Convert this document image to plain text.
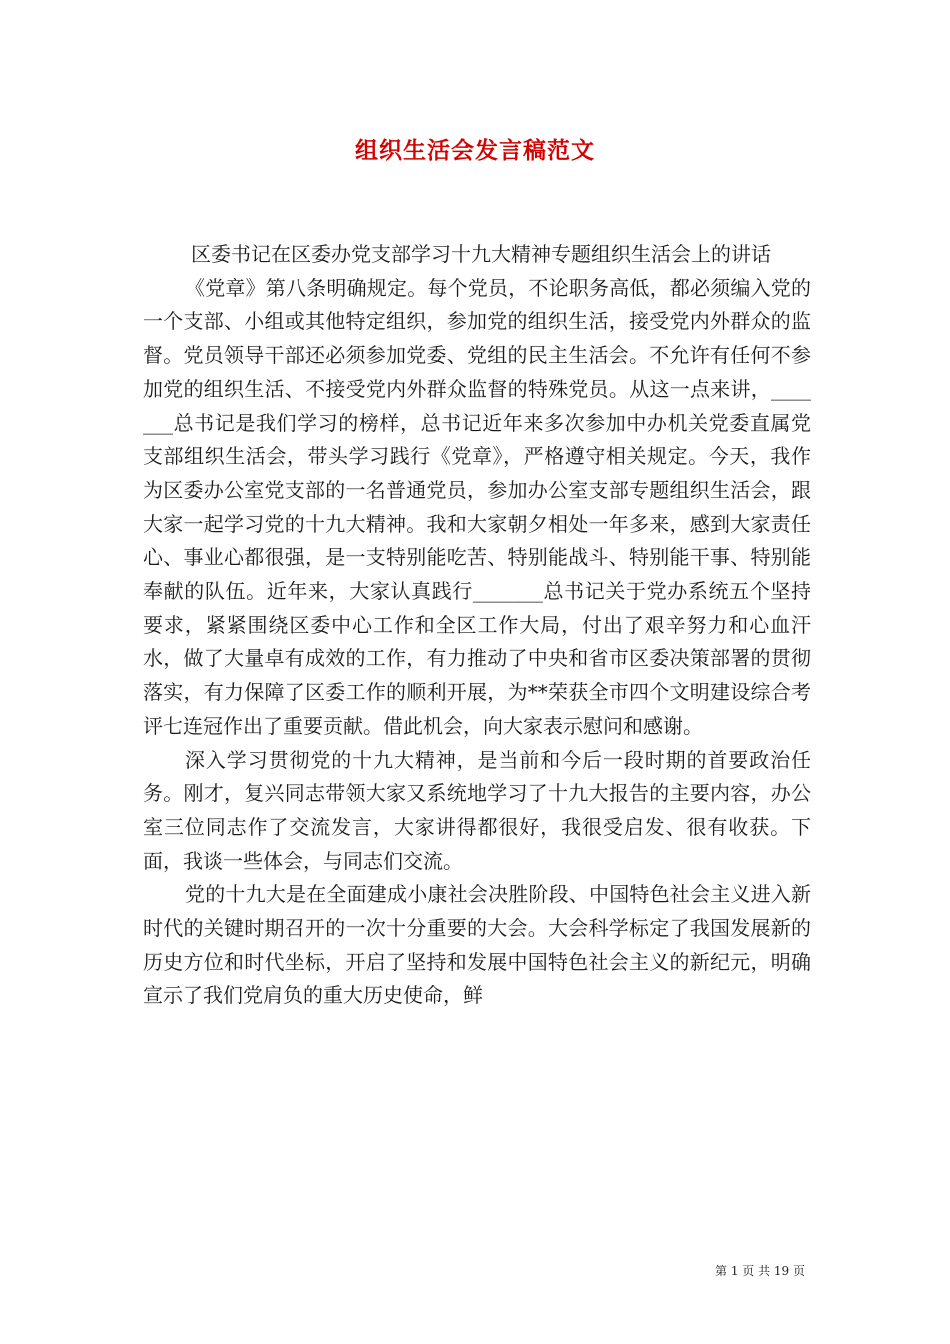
组织生活会发言稿范文

区委书记在区委办党支部学习十九大精神专题组织生活会上的讲话

《党章》第八条明确规定。每个党员，不论职务高低，都必须编入党的一个支部、小组或其他特定组织，参加党的组织生活，接受党内外群众的监督。党员领导干部还必须参加党委、党组的民主生活会。不允许有任何不参加党的组织生活、不接受党内外群众监督的特殊党员。从这一点来讲，_______总书记是我们学习的榜样，总书记近年来多次参加中办机关党委直属党支部组织生活会，带头学习践行《党章》，严格遵守相关规定。今天，我作为区委办公室党支部的一名普通党员，参加办公室支部专题组织生活会，跟大家一起学习党的十九大精神。我和大家朝夕相处一年多来，感到大家责任心、事业心都很强，是一支特别能吃苦、特别能战斗、特别能干事、特别能奉献的队伍。近年来，大家认真践行_______总书记关于党办系统五个坚持要求，紧紧围绕区委中心工作和全区工作大局，付出了艰辛努力和心血汗水，做了大量卓有成效的工作，有力推动了中央和省市区委决策部署的贯彻落实，有力保障了区委工作的顺利开展，为**荣获全市四个文明建设综合考评七连冠作出了重要贡献。借此机会，向大家表示慰问和感谢。

深入学习贯彻党的十九大精神，是当前和今后一段时期的首要政治任务。刚才，复兴同志带领大家又系统地学习了十九大报告的主要内容，办公室三位同志作了交流发言，大家讲得都很好，我很受启发、很有收获。下面，我谈一些体会，与同志们交流。

党的十九大是在全面建成小康社会决胜阶段、中国特色社会主义进入新时代的关键时期召开的一次十分重要的大会。大会科学标定了我国发展新的历史方位和时代坐标，开启了坚持和发展中国特色社会主义的新纪元，明确宣示了我们党肩负的重大历史使命，鲜

第 1 页 共 19 页
